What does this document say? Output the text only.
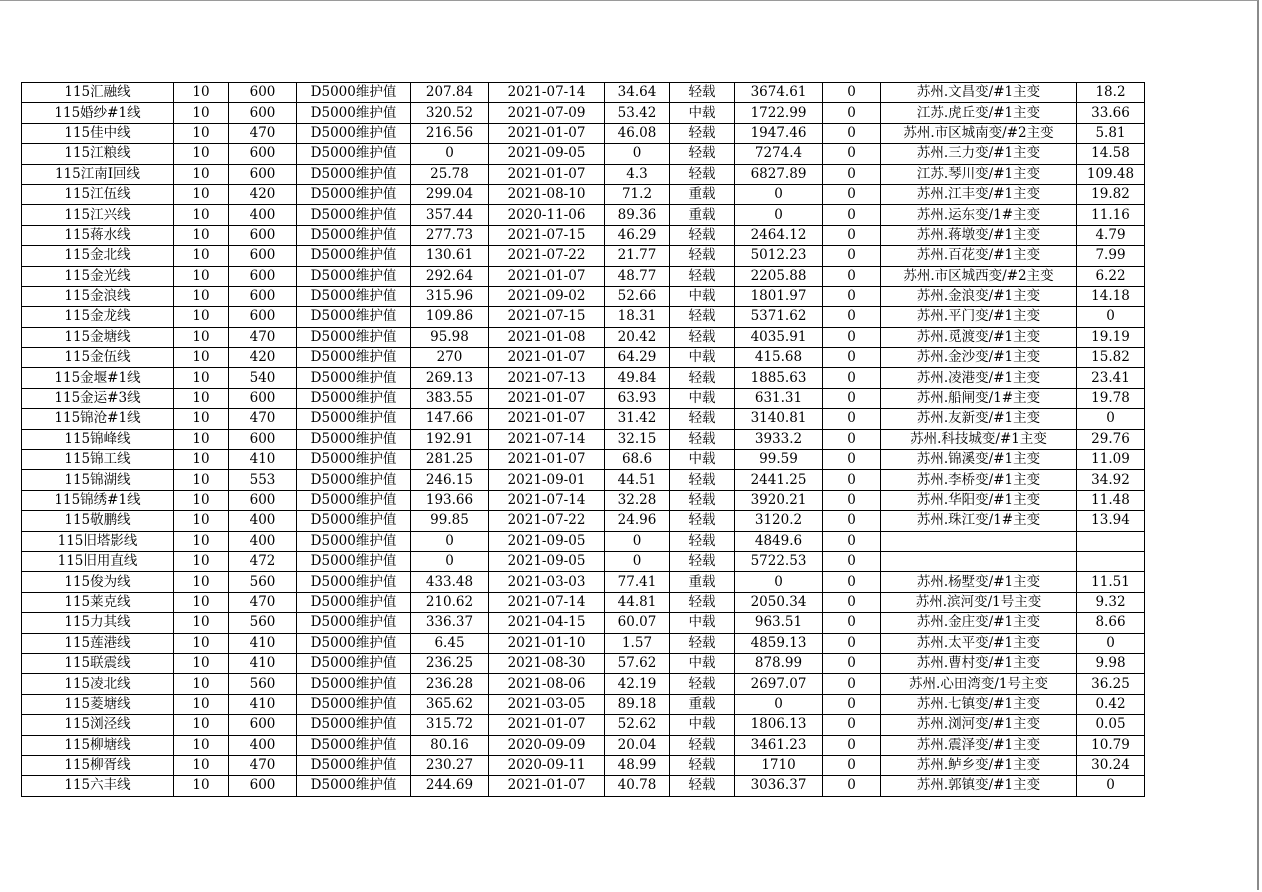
115汇融线	10	600	D5000维护值	207.84	2021-07-14	34.64	轻载	3674.61	0	苏州.文昌变/#1主变	18.2
115婚纱#1线	10	600	D5000维护值	320.52	2021-07-09	53.42	中载	1722.99	0	江苏.虎丘变/#1主变	33.66
115佳中线	10	470	D5000维护值	216.56	2021-01-07	46.08	轻载	1947.46	0	苏州.市区城南变/#2主变	5.81
115江粮线	10	600	D5000维护值	0	2021-09-05	0	轻载	7274.4	0	苏州.三力变/#1主变	14.58
115江南Ⅰ回线	10	600	D5000维护值	25.78	2021-01-07	4.3	轻载	6827.89	0	江苏.琴川变/#1主变	109.48
115江伍线	10	420	D5000维护值	299.04	2021-08-10	71.2	重载	0	0	苏州.江丰变/#1主变	19.82
115江兴线	10	400	D5000维护值	357.44	2020-11-06	89.36	重载	0	0	苏州.运东变/1#主变	11.16
115蒋水线	10	600	D5000维护值	277.73	2021-07-15	46.29	轻载	2464.12	0	苏州.蒋墩变/#1主变	4.79
115金北线	10	600	D5000维护值	130.61	2021-07-22	21.77	轻载	5012.23	0	苏州.百花变/#1主变	7.99
115金光线	10	600	D5000维护值	292.64	2021-01-07	48.77	轻载	2205.88	0	苏州.市区城西变/#2主变	6.22
115金浪线	10	600	D5000维护值	315.96	2021-09-02	52.66	中载	1801.97	0	苏州.金浪变/#1主变	14.18
115金龙线	10	600	D5000维护值	109.86	2021-07-15	18.31	轻载	5371.62	0	苏州.平门变/#1主变	0
115金塘线	10	470	D5000维护值	95.98	2021-01-08	20.42	轻载	4035.91	0	苏州.觅渡变/#1主变	19.19
115金伍线	10	420	D5000维护值	270	2021-01-07	64.29	中载	415.68	0	苏州.金沙变/#1主变	15.82
115金堰#1线	10	540	D5000维护值	269.13	2021-07-13	49.84	轻载	1885.63	0	苏州.凌港变/#1主变	23.41
115金运#3线	10	600	D5000维护值	383.55	2021-01-07	63.93	中载	631.31	0	苏州.船闸变/1#主变	19.78
115锦沧#1线	10	470	D5000维护值	147.66	2021-01-07	31.42	轻载	3140.81	0	苏州.友新变/#1主变	0
115锦峰线	10	600	D5000维护值	192.91	2021-07-14	32.15	轻载	3933.2	0	苏州.科技城变/#1主变	29.76
115锦工线	10	410	D5000维护值	281.25	2021-01-07	68.6	中载	99.59	0	苏州.锦溪变/#1主变	11.09
115锦湖线	10	553	D5000维护值	246.15	2021-09-01	44.51	轻载	2441.25	0	苏州.李桥变/#1主变	34.92
115锦绣#1线	10	600	D5000维护值	193.66	2021-07-14	32.28	轻载	3920.21	0	苏州.华阳变/#1主变	11.48
115敬鹏线	10	400	D5000维护值	99.85	2021-07-22	24.96	轻载	3120.2	0	苏州.珠江变/1#主变	13.94
115旧塔影线	10	400	D5000维护值	0	2021-09-05	0	轻载	4849.6	0		
115旧用直线	10	472	D5000维护值	0	2021-09-05	0	轻载	5722.53	0		
115俊为线	10	560	D5000维护值	433.48	2021-03-03	77.41	重载	0	0	苏州.杨墅变/#1主变	11.51
115莱克线	10	470	D5000维护值	210.62	2021-07-14	44.81	轻载	2050.34	0	苏州.滨河变/1号主变	9.32
115力其线	10	560	D5000维护值	336.37	2021-04-15	60.07	中载	963.51	0	苏州.金庄变/#1主变	8.66
115莲港线	10	410	D5000维护值	6.45	2021-01-10	1.57	轻载	4859.13	0	苏州.太平变/#1主变	0
115联震线	10	410	D5000维护值	236.25	2021-08-30	57.62	中载	878.99	0	苏州.曹村变/#1主变	9.98
115凌北线	10	560	D5000维护值	236.28	2021-08-06	42.19	轻载	2697.07	0	苏州.心田湾变/1号主变	36.25
115菱塘线	10	410	D5000维护值	365.62	2021-03-05	89.18	重载	0	0	苏州.七镇变/#1主变	0.42
115浏泾线	10	600	D5000维护值	315.72	2021-01-07	52.62	中载	1806.13	0	苏州.浏河变/#1主变	0.05
115柳塘线	10	400	D5000维护值	80.16	2020-09-09	20.04	轻载	3461.23	0	苏州.震泽变/#1主变	10.79
115柳胥线	10	470	D5000维护值	230.27	2020-09-11	48.99	轻载	1710	0	苏州.鲈乡变/#1主变	30.24
115六丰线	10	600	D5000维护值	244.69	2021-01-07	40.78	轻载	3036.37	0	苏州.郭镇变/#1主变	0
